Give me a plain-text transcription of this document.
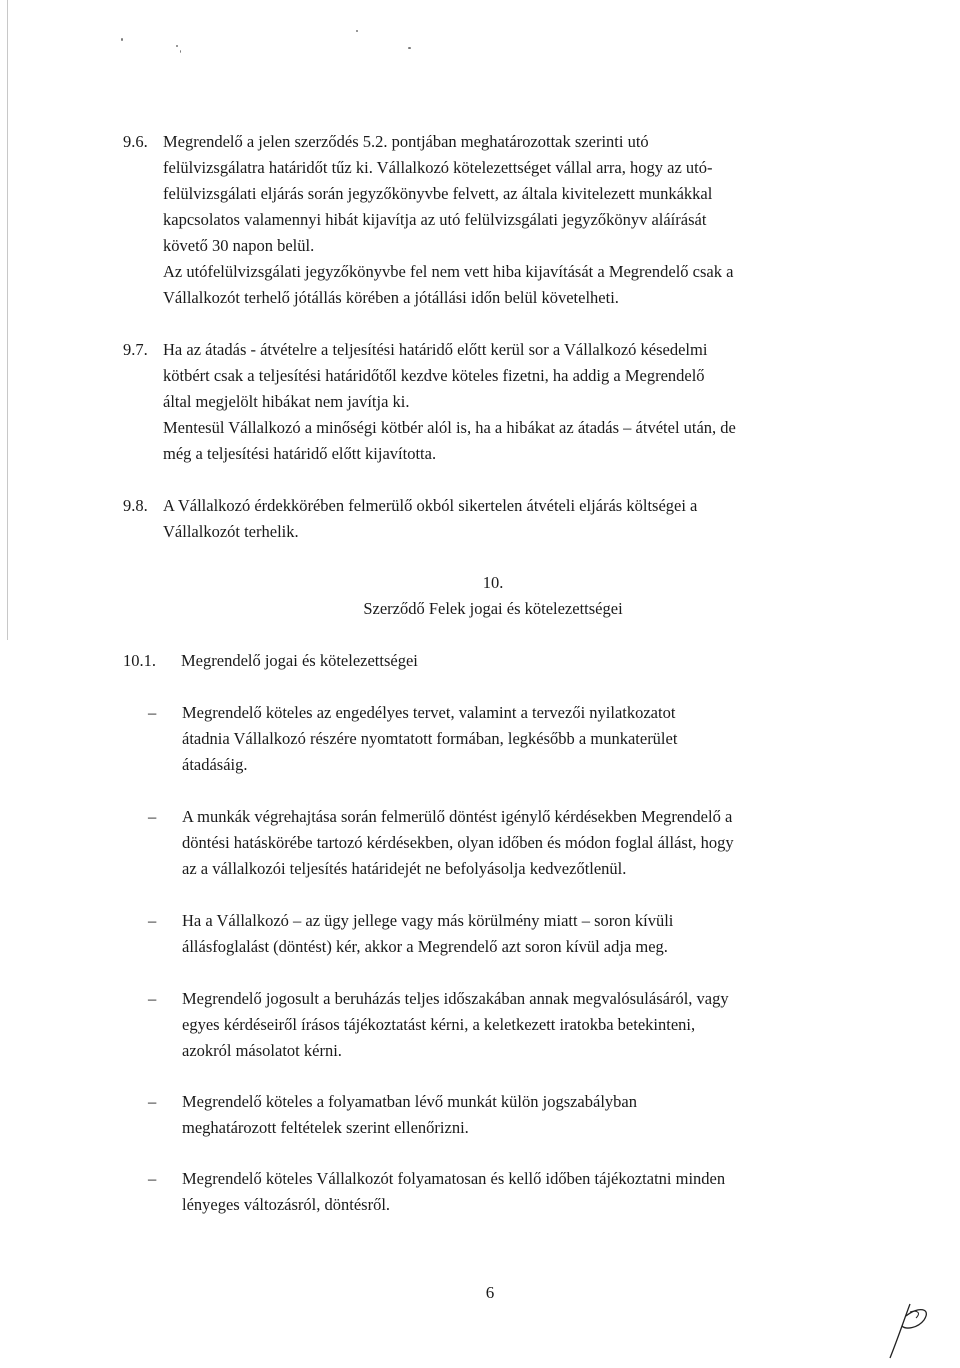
9.6. Megrendelő a jelen szerződés 5.2. pontjában meghatározottak szerinti utó
felülvizsgálatra határidőt tűz ki. Vállalkozó kötelezettséget vállal arra, hogy az utó-
felülvizsgálati eljárás során jegyzőkönyvbe felvett, az általa kivitelezett munkákkal
kapcsolatos valamennyi hibát kijavítja az utó felülvizsgálati jegyzőkönyv aláírását
követő 30 napon belül.
Az utófelülvizsgálati jegyzőkönyvbe fel nem vett hiba kijavítását a Megrendelő csak a
Vállalkozót terhelő jótállás körében a jótállási időn belül követelheti.
9.7. Ha az átadás - átvételre a teljesítési határidő előtt kerül sor a Vállalkozó késedelmi
kötbért csak a teljesítési határidőtől kezdve köteles fizetni, ha addig a Megrendelő
által megjelölt hibákat nem javítja ki.
Mentesül Vállalkozó a minőségi kötbér alól is, ha a hibákat az átadás – átvétel után, de
még a teljesítési határidő előtt kijavította.
9.8. A Vállalkozó érdekkörében felmerülő okból sikertelen átvételi eljárás költségei a
Vállalkozót terhelik.
10.
Szerződő Felek jogai és kötelezettségei
10.1. Megrendelő jogai és kötelezettségei
– Megrendelő köteles az engedélyes tervet, valamint a tervezői nyilatkozatot
átadnia Vállalkozó részére nyomtatott formában, legkésőbb a munkaterület
átadásáig.
– A munkák végrehajtása során felmerülő döntést igénylő kérdésekben Megrendelő a
döntési hatáskörébe tartozó kérdésekben, olyan időben és módon foglal állást, hogy
az a vállalkozói teljesítés határidejét ne befolyásolja kedvezőtlenül.
– Ha a Vállalkozó – az ügy jellege vagy más körülmény miatt – soron kívüli
állásfoglalást (döntést) kér, akkor a Megrendelő azt soron kívül adja meg.
– Megrendelő jogosult a beruházás teljes időszakában annak megvalósulásáról, vagy
egyes kérdéseiről írásos tájékoztatást kérni, a keletkezett iratokba betekinteni,
azokról másolatot kérni.
– Megrendelő köteles a folyamatban lévő munkát külön jogszabályban
meghatározott feltételek szerint ellenőrizni.
– Megrendelő köteles Vállalkozót folyamatosan és kellő időben tájékoztatni minden
lényeges változásról, döntésről.
6
